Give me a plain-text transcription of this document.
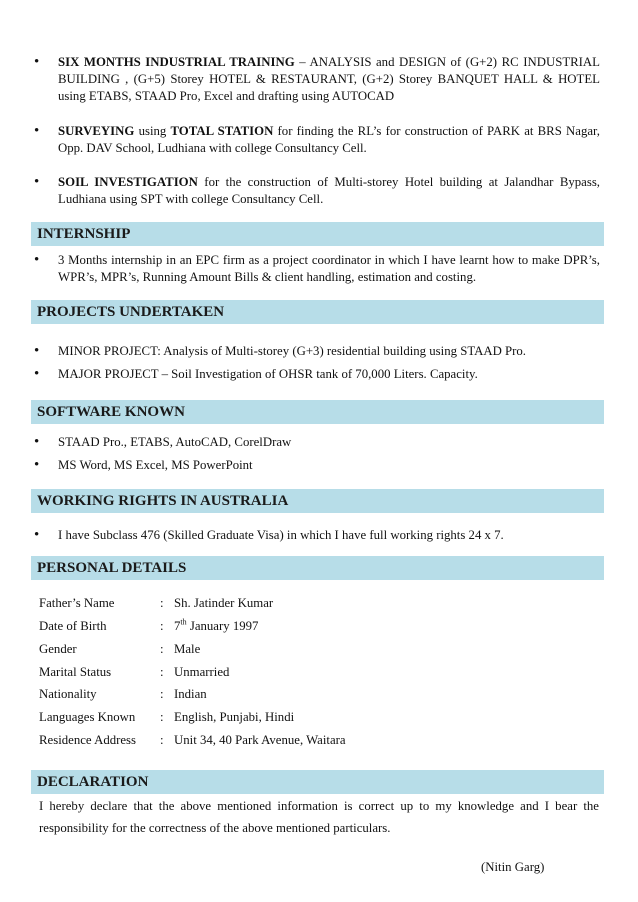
• SIX MONTHS INDUSTRIAL TRAINING – ANALYSIS and DESIGN of (G+2) RC INDUSTRIAL BUILDING , (G+5) Storey HOTEL & RESTAURANT, (G+2) Storey BANQUET HALL & HOTEL using ETABS, STAAD Pro, Excel and drafting using AUTOCAD
• SURVEYING using TOTAL STATION for finding the RL’s for construction of PARK at BRS Nagar, Opp. DAV School, Ludhiana with college Consultancy Cell.
• SOIL INVESTIGATION for the construction of Multi-storey Hotel building at Jalandhar Bypass, Ludhiana using SPT with college Consultancy Cell.
INTERNSHIP
• 3 Months internship in an EPC firm as a project coordinator in which I have learnt how to make DPR’s, WPR’s, MPR’s, Running Amount Bills & client handling, estimation and costing.
PROJECTS UNDERTAKEN
• MINOR PROJECT: Analysis of Multi-storey (G+3) residential building using STAAD Pro.
• MAJOR PROJECT – Soil Investigation of OHSR tank of 70,000 Liters. Capacity.
SOFTWARE KNOWN
• STAAD Pro., ETABS, AutoCAD, CorelDraw
• MS Word, MS Excel, MS PowerPoint
WORKING RIGHTS IN AUSTRALIA
• I have Subclass 476 (Skilled Graduate Visa) in which I have full working rights 24 x 7.
PERSONAL DETAILS
Father’s Name	: Sh. Jatinder Kumar
Date of Birth	: 7th January 1997
Gender	: Male
Marital Status	: Unmarried
Nationality	: Indian
Languages Known : English, Punjabi, Hindi
Residence Address : Unit 34, 40 Park Avenue, Waitara
DECLARATION
I hereby declare that the above mentioned information is correct up to my knowledge and I bear the responsibility for the correctness of the above mentioned particulars.
(Nitin Garg)
